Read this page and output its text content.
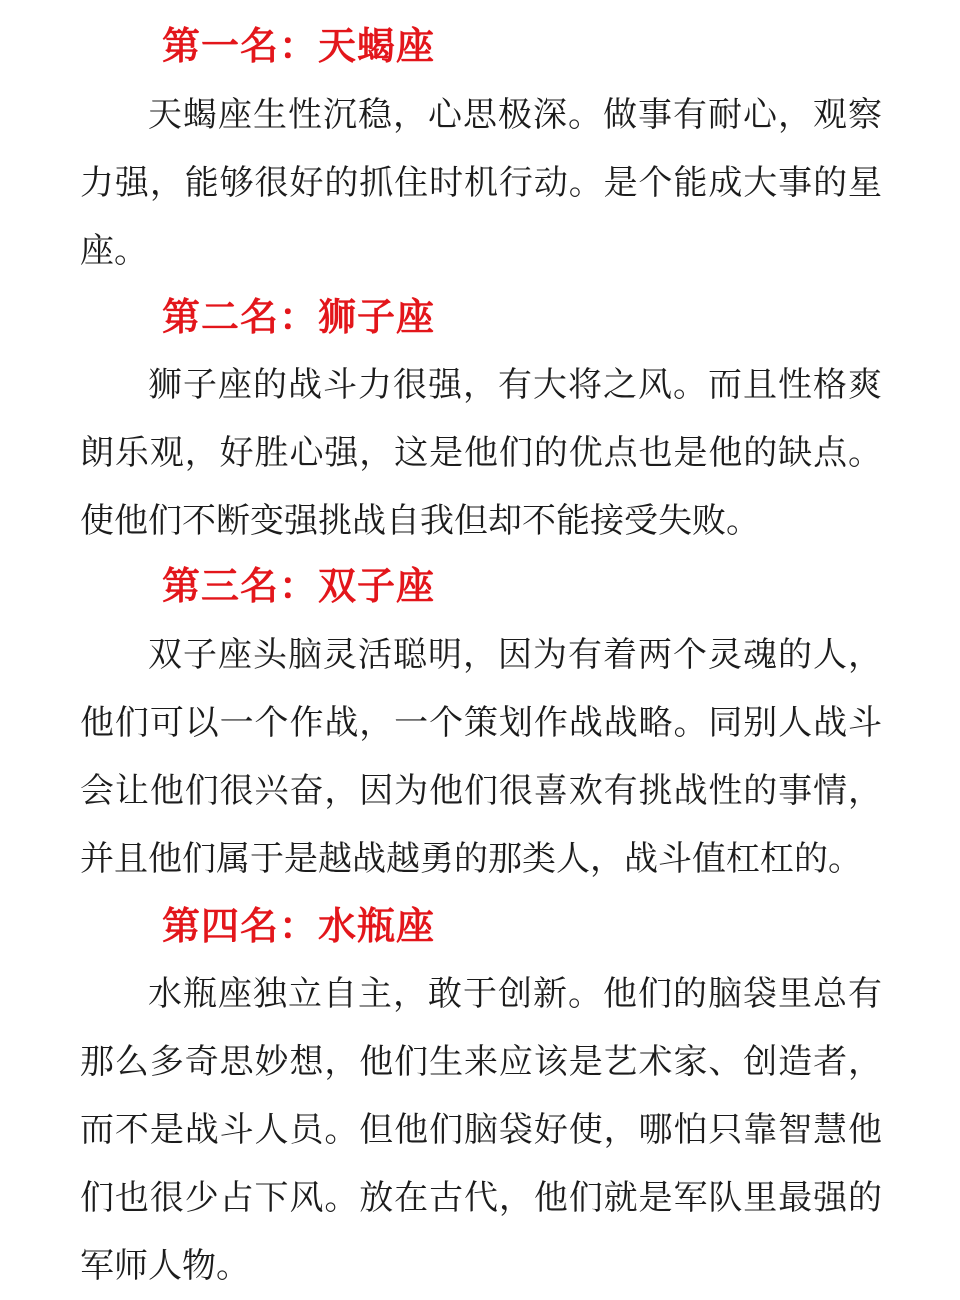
第一名：天蝎座
天蝎座生性沉稳，心思极深。做事有耐心，观察力强，能够很好的抓住时机行动。是个能成大事的星座。
第二名：狮子座
狮子座的战斗力很强，有大将之风。而且性格爽朗乐观，好胜心强，这是他们的优点也是他的缺点。使他们不断变强挑战自我但却不能接受失败。
第三名：双子座
双子座头脑灵活聪明，因为有着两个灵魂的人，他们可以一个作战，一个策划作战战略。同别人战斗会让他们很兴奋，因为他们很喜欢有挑战性的事情，并且他们属于是越战越勇的那类人，战斗值杠杠的。
第四名：水瓶座
水瓶座独立自主，敢于创新。他们的脑袋里总有那么多奇思妙想，他们生来应该是艺术家、创造者，而不是战斗人员。但他们脑袋好使，哪怕只靠智慧他们也很少占下风。放在古代，他们就是军队里最强的军师人物。
